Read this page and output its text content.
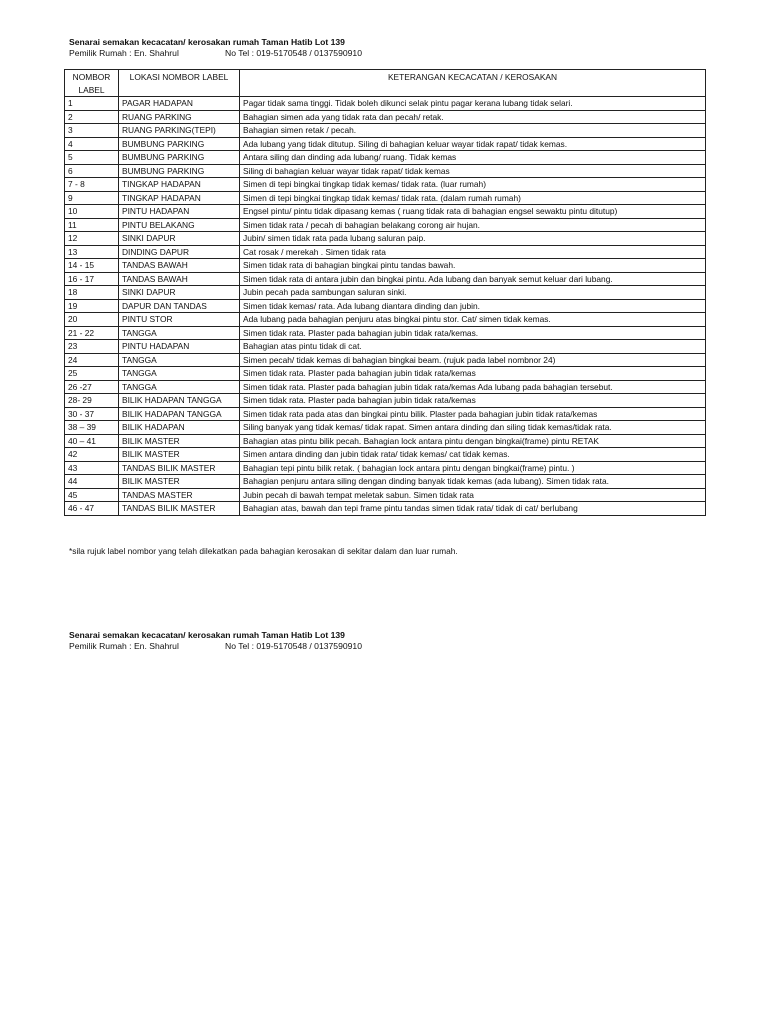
Senarai semakan kecacatan/ kerosakan rumah Taman Hatib Lot 139
Pemilik Rumah : En. Shahrul	No Tel : 019-5170548 / 0137590910
NOMBOR LABEL	LOKASI NOMBOR LABEL	KETERANGAN KECACATAN / KEROSAKAN
1	PAGAR HADAPAN	Pagar tidak sama tinggi. Tidak boleh dikunci selak pintu pagar kerana lubang tidak selari.
2	RUANG PARKING	Bahagian simen ada yang tidak rata dan pecah/ retak.
3	RUANG PARKING(TEPI)	Bahagian simen retak / pecah.
4	BUMBUNG PARKING	Ada lubang yang tidak ditutup. Siling di bahagian keluar wayar tidak rapat/ tidak kemas.
5	BUMBUNG PARKING	Antara siling dan dinding ada lubang/ ruang. Tidak kemas
6	BUMBUNG PARKING	Siling di bahagian keluar wayar tidak rapat/ tidak kemas
7 - 8	TINGKAP HADAPAN	Simen di tepi bingkai tingkap tidak kemas/ tidak rata. (luar rumah)
9	TINGKAP HADAPAN	Simen di tepi bingkai tingkap tidak kemas/ tidak rata. (dalam rumah rumah)
10	PINTU HADAPAN	Engsel pintu/ pintu tidak dipasang kemas ( ruang tidak rata di bahagian engsel sewaktu pintu ditutup)
11	PINTU BELAKANG	Simen tidak rata / pecah di bahagian belakang corong air hujan.
12	SINKI DAPUR	Jubin/ simen tidak rata pada lubang saluran paip.
13	DINDING DAPUR	Cat rosak / merekah . Simen tidak rata
14 - 15	TANDAS BAWAH	Simen tidak rata di bahagian bingkai pintu tandas bawah.
16 - 17	TANDAS BAWAH	Simen tidak rata di antara jubin dan bingkai pintu. Ada lubang dan banyak semut keluar dari lubang.
18	SINKI DAPUR	Jubin pecah pada sambungan saluran sinki.
19	DAPUR DAN TANDAS	Simen tidak kemas/ rata. Ada lubang diantara dinding dan jubin.
20	PINTU STOR	Ada lubang pada bahagian penjuru atas bingkai pintu stor. Cat/ simen tidak kemas.
21 - 22	TANGGA	Simen tidak rata. Plaster pada bahagian jubin tidak rata/kemas.
23	PINTU HADAPAN	Bahagian atas pintu tidak di cat.
24	TANGGA	Simen pecah/ tidak kemas di bahagian bingkai beam. (rujuk pada label nombnor 24)
25	TANGGA	Simen tidak rata. Plaster pada bahagian jubin tidak rata/kemas
26 -27	TANGGA	Simen tidak rata. Plaster pada bahagian jubin tidak rata/kemas Ada lubang pada bahagian tersebut.
28- 29	BILIK HADAPAN TANGGA	Simen tidak rata. Plaster pada bahagian jubin tidak rata/kemas
30 - 37	BILIK HADAPAN TANGGA	Simen tidak rata pada atas dan bingkai pintu bilik. Plaster pada bahagian jubin tidak rata/kemas
38 – 39	BILIK HADAPAN	Siling banyak yang tidak kemas/ tidak rapat. Simen antara dinding dan siling tidak kemas/tidak rata.
40 – 41	BILIK MASTER	Bahagian atas pintu bilik pecah. Bahagian lock antara pintu dengan bingkai(frame) pintu RETAK
42	BILIK MASTER	Simen antara dinding dan jubin tidak rata/ tidak kemas/ cat tidak kemas.
43	TANDAS BILIK MASTER	Bahagian tepi pintu bilik retak. ( bahagian lock antara pintu dengan bingkai(frame) pintu. )
44	BILIK MASTER	Bahagian penjuru antara siling dengan dinding banyak tidak kemas (ada lubang). Simen tidak rata.
45	TANDAS MASTER	Jubin pecah di bawah tempat meletak sabun. Simen tidak rata
46 - 47	TANDAS BILIK MASTER	Bahagian atas, bawah dan tepi frame pintu tandas simen tidak rata/ tidak di cat/ berlubang
*sila rujuk label nombor yang telah dilekatkan pada bahagian kerosakan di sekitar dalam dan luar rumah.
Senarai semakan kecacatan/ kerosakan rumah Taman Hatib Lot 139
Pemilik Rumah : En. Shahrul	No Tel : 019-5170548 / 0137590910
